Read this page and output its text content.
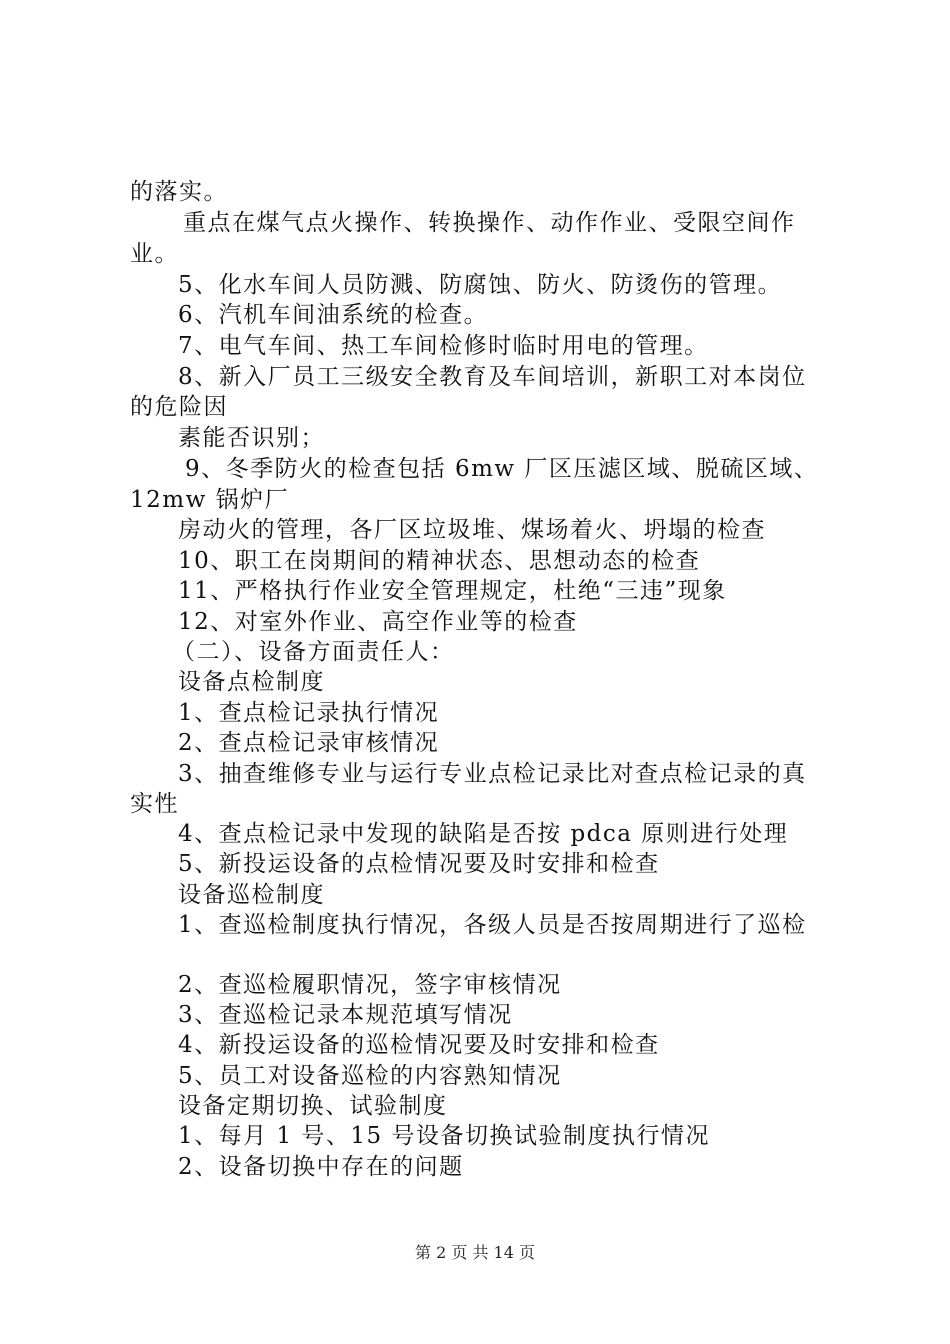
的落实。
重点在煤气点火操作、转换操作、动作作业、受限空间作
业。
5、化水车间人员防溅、防腐蚀、防火、防烫伤的管理。
6、汽机车间油系统的检查。
7、电气车间、热工车间检修时临时用电的管理。
8、新入厂员工三级安全教育及车间培训，新职工对本岗位
的危险因
素能否识别；
9、冬季防火的检查包括 6mw 厂区压滤区域、脱硫区域、
12mw 锅炉厂
房动火的管理，各厂区垃圾堆、煤场着火、坍塌的检查
10、职工在岗期间的精神状态、思想动态的检查
11、严格执行作业安全管理规定，杜绝“三违”现象
12、对室外作业、高空作业等的检查
（二）、设备方面责任人：
设备点检制度
1、查点检记录执行情况
2、查点检记录审核情况
3、抽查维修专业与运行专业点检记录比对查点检记录的真
实性
4、查点检记录中发现的缺陷是否按 pdca 原则进行处理
5、新投运设备的点检情况要及时安排和检查
设备巡检制度
1、查巡检制度执行情况，各级人员是否按周期进行了巡检
2、查巡检履职情况，签字审核情况
3、查巡检记录本规范填写情况
4、新投运设备的巡检情况要及时安排和检查
5、员工对设备巡检的内容熟知情况
设备定期切换、试验制度
1、每月 1 号、15 号设备切换试验制度执行情况
2、设备切换中存在的问题
第 2 页 共 14 页
